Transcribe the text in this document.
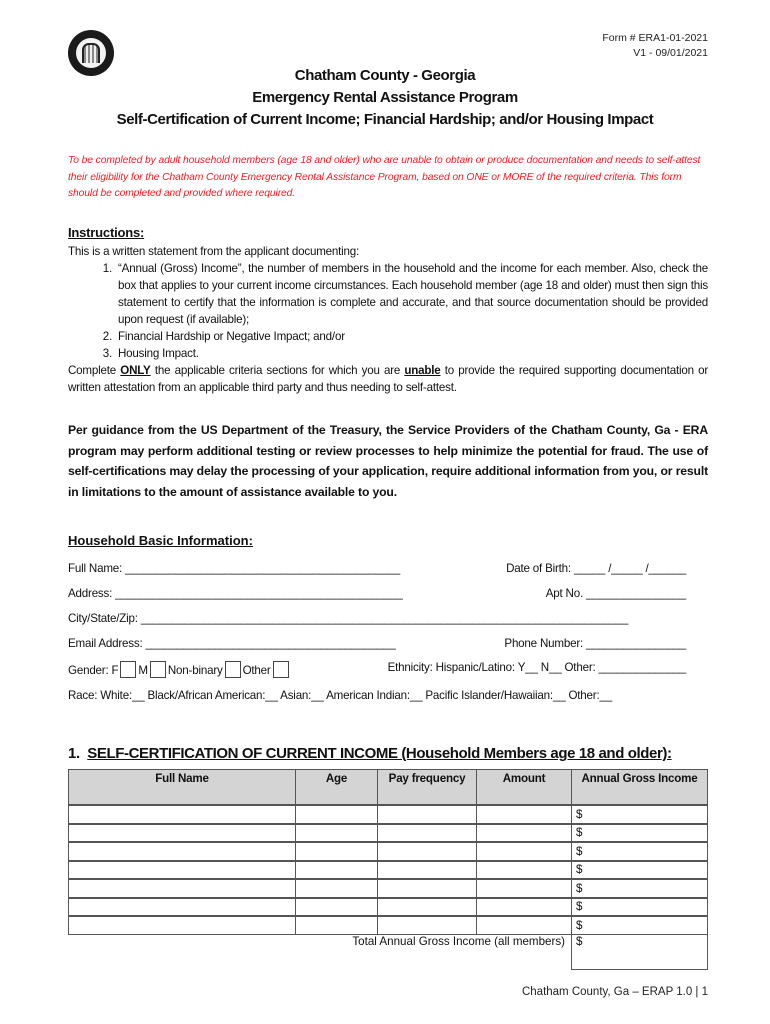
Form # ERA1-01-2021
V1 - 09/01/2021
Chatham County - Georgia
Emergency Rental Assistance Program
Self-Certification of Current Income; Financial Hardship; and/or Housing Impact
To be completed by adult household members (age 18 and older) who are unable to obtain or produce documentation and needs to self-attest their eligibility for the Chatham County Emergency Rental Assistance Program, based on ONE or MORE of the required criteria. This form should be completed and provided where required.
Instructions:

This is a written statement from the applicant documenting:

1. “Annual (Gross) Income”, the number of members in the household and the income for each member. Also, check the box that applies to your current income circumstances. Each household member (age 18 and older) must then sign this statement to certify that the information is complete and accurate, and that source documentation should be provided upon request (if available);
2. Financial Hardship or Negative Impact; and/or
3. Housing Impact.

Complete ONLY the applicable criteria sections for which you are unable to provide the required supporting documentation or written attestation from an applicable third party and thus needing to self-attest.

Per guidance from the US Department of the Treasury, the Service Providers of the Chatham County, Ga - ERA program may perform additional testing or review processes to help minimize the potential for fraud. The use of self-certifications may delay the processing of your application, require additional information from you, or result in limitations to the amount of assistance available to you.
Household Basic Information:
Full Name: ____________________________________________	Date of Birth: _____ /_____ /______
Address: ______________________________________________	Apt No. ________________
City/State/Zip: ______________________________________________________________________________
Email Address: ________________________________________	Phone Number: ________________
Gender: F M Non-binary Other	Ethnicity: Hispanic/Latino: Y__ N__ Other: ______________
Race: White:__ Black/African American:__ Asian:__ American Indian:__ Pacific Islander/Hawaiian:__ Other:__
1. SELF-CERTIFICATION OF CURRENT INCOME (Household Members age 18 and older):
Full Name	Age	Pay frequency	Amount	Annual Gross Income
				$
				$
				$
				$
				$
				$
				$
Total Annual Gross Income (all members)				$
Chatham County, Ga – ERAP 1.0 | 1
